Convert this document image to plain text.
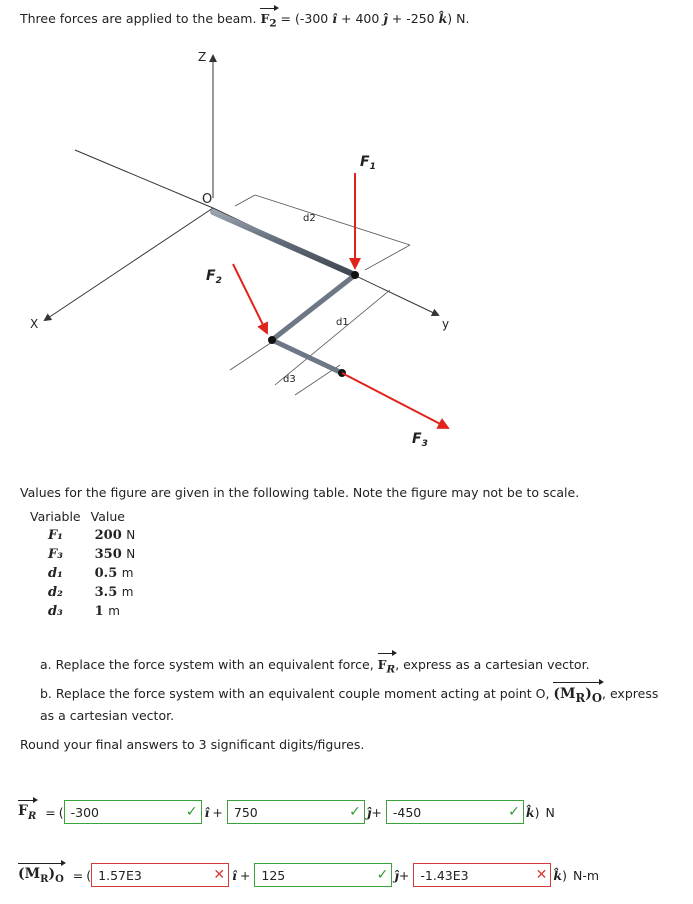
Three forces are applied to the beam. $F_2 = (-300$ î + 400 ĵ + -250 k̂) N.
Z
O
X	y
d2
d1
d3
$F_1$
$F_2$
$F_3$
Values for the figure are given in the following table. Note the figure may not be to scale.
Variable	Value
F₁	200 N
F₃	350 N
d₁	0.5 m
d₂	3.5 m
d₃	1 m
a. Replace the force system with an equivalent force, $F_R$, express as a cartesian vector.
b. Replace the force system with an equivalent couple moment acting at point O, $(M_R)_O$, express as a cartesian vector.
Round your final answers to 3 significant digits/figures.
$F_R$ = ( -300	✓ î + 750	✓ ĵ + -450	✓ k̂ ) N
$(M_R)_O$ = ( 1.57E3	✕ î + 125	✓ ĵ + -1.43E3	✕ k̂ ) N-m
